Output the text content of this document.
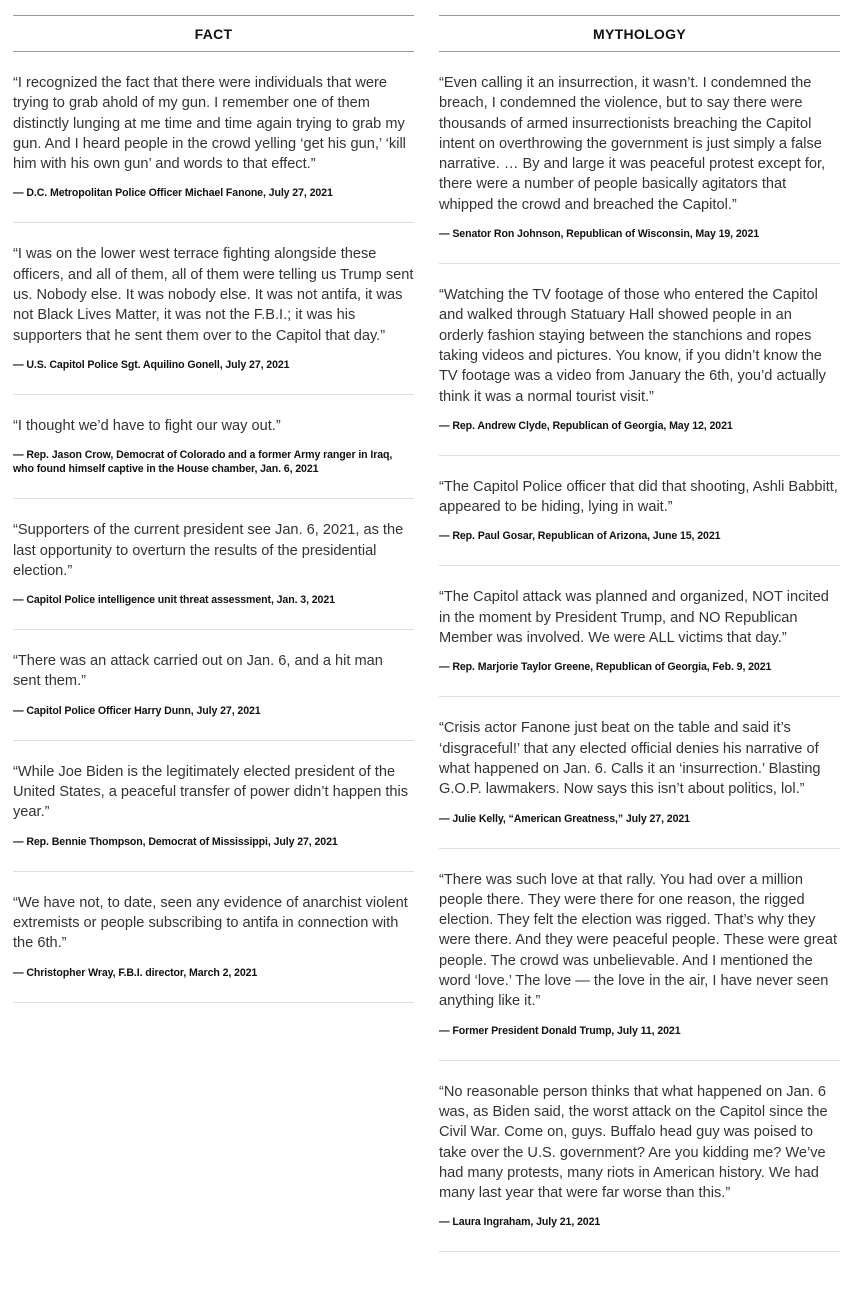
FACT

“I recognized the fact that there were individuals that were trying to grab ahold of my gun. I remember one of them distinctly lunging at me time and time again trying to grab my gun. And I heard people in the crowd yelling ‘get his gun,’ ‘kill him with his own gun’ and words to that effect.”

— D.C. Metropolitan Police Officer Michael Fanone, July 27, 2021

“I was on the lower west terrace fighting alongside these officers, and all of them, all of them were telling us Trump sent us. Nobody else. It was nobody else. It was not antifa, it was not Black Lives Matter, it was not the F.B.I.; it was his supporters that he sent them over to the Capitol that day.”

— U.S. Capitol Police Sgt. Aquilino Gonell, July 27, 2021

“I thought we’d have to fight our way out.”

— Rep. Jason Crow, Democrat of Colorado and a former Army ranger in Iraq, who found himself captive in the House chamber, Jan. 6, 2021

“Supporters of the current president see Jan. 6, 2021, as the last opportunity to overturn the results of the presidential election.”

— Capitol Police intelligence unit threat assessment, Jan. 3, 2021

“There was an attack carried out on Jan. 6, and a hit man sent them.”

— Capitol Police Officer Harry Dunn, July 27, 2021

“While Joe Biden is the legitimately elected president of the United States, a peaceful transfer of power didn’t happen this year.”

— Rep. Bennie Thompson, Democrat of Mississippi, July 27, 2021

“We have not, to date, seen any evidence of anarchist violent extremists or people subscribing to antifa in connection with the 6th.”

— Christopher Wray, F.B.I. director, March 2, 2021

MYTHOLOGY

“Even calling it an insurrection, it wasn’t. I condemned the breach, I condemned the violence, but to say there were thousands of armed insurrectionists breaching the Capitol intent on overthrowing the government is just simply a false narrative. … By and large it was peaceful protest except for, there were a number of people basically agitators that whipped the crowd and breached the Capitol.”

— Senator Ron Johnson, Republican of Wisconsin, May 19, 2021

“Watching the TV footage of those who entered the Capitol and walked through Statuary Hall showed people in an orderly fashion staying between the stanchions and ropes taking videos and pictures. You know, if you didn’t know the TV footage was a video from January the 6th, you’d actually think it was a normal tourist visit.”

— Rep. Andrew Clyde, Republican of Georgia, May 12, 2021

“The Capitol Police officer that did that shooting, Ashli Babbitt, appeared to be hiding, lying in wait.”

— Rep. Paul Gosar, Republican of Arizona, June 15, 2021

“The Capitol attack was planned and organized, NOT incited in the moment by President Trump, and NO Republican Member was involved. We were ALL victims that day.”

— Rep. Marjorie Taylor Greene, Republican of Georgia, Feb. 9, 2021

“Crisis actor Fanone just beat on the table and said it’s ‘disgraceful!’ that any elected official denies his narrative of what happened on Jan. 6. Calls it an ‘insurrection.’ Blasting G.O.P. lawmakers. Now says this isn’t about politics, lol.”

— Julie Kelly, “American Greatness,” July 27, 2021

“There was such love at that rally. You had over a million people there. They were there for one reason, the rigged election. They felt the election was rigged. That’s why they were there. And they were peaceful people. These were great people. The crowd was unbelievable. And I mentioned the word ‘love.’ The love — the love in the air, I have never seen anything like it.”

— Former President Donald Trump, July 11, 2021

“No reasonable person thinks that what happened on Jan. 6 was, as Biden said, the worst attack on the Capitol since the Civil War. Come on, guys. Buffalo head guy was poised to take over the U.S. government? Are you kidding me? We’ve had many protests, many riots in American history. We had many last year that were far worse than this.”

— Laura Ingraham, July 21, 2021
